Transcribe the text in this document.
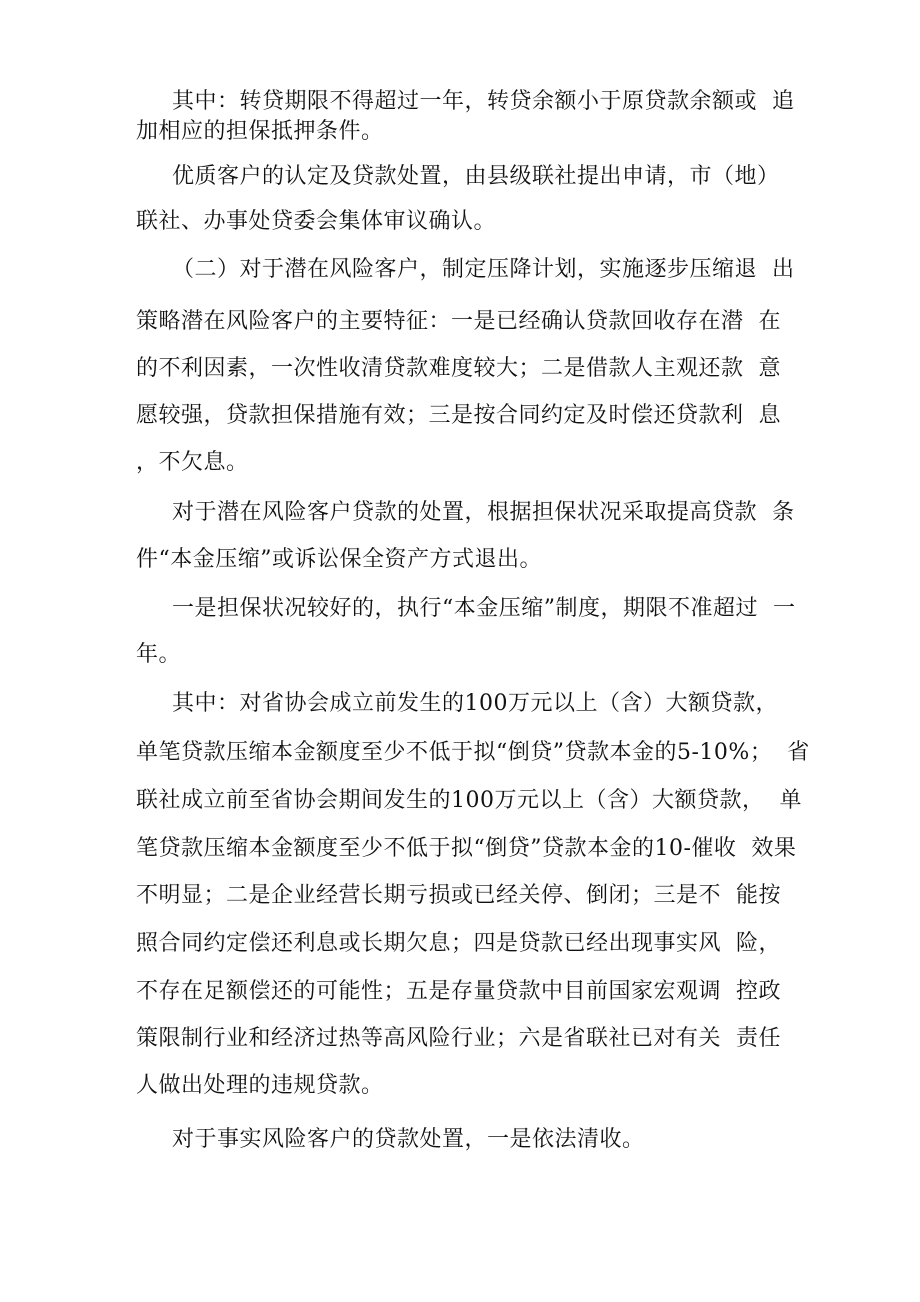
其中：转贷期限不得超过一年，转贷余额小于原贷款余额或  追
加相应的担保抵押条件。
优质客户的认定及贷款处置，由县级联社提出申请，市（地）
联社、办事处贷委会集体审议确认。
（二）对于潜在风险客户，制定压降计划，实施逐步压缩退  出
策略潜在风险客户的主要特征：一是已经确认贷款回收存在潜  在
的不利因素，一次性收清贷款难度较大；二是借款人主观还款  意
愿较强，贷款担保措施有效；三是按合同约定及时偿还贷款利  息
，不欠息。
对于潜在风险客户贷款的处置，根据担保状况采取提高贷款  条
件“本金压缩”或诉讼保全资产方式退出。
一是担保状况较好的，执行“本金压缩”制度，期限不准超过  一
年。
其中：对省协会成立前发生的100万元以上（含）大额贷款，
单笔贷款压缩本金额度至少不低于拟“倒贷”贷款本金的5-10%；  省
联社成立前至省协会期间发生的100万元以上（含）大额贷款，  单
笔贷款压缩本金额度至少不低于拟“倒贷”贷款本金的10-催收  效果
不明显；二是企业经营长期亏损或已经关停、倒闭；三是不  能按
照合同约定偿还利息或长期欠息；四是贷款已经出现事实风  险，
不存在足额偿还的可能性；五是存量贷款中目前国家宏观调  控政
策限制行业和经济过热等高风险行业；六是省联社已对有关  责任
人做出处理的违规贷款。
对于事实风险客户的贷款处置，一是依法清收。
